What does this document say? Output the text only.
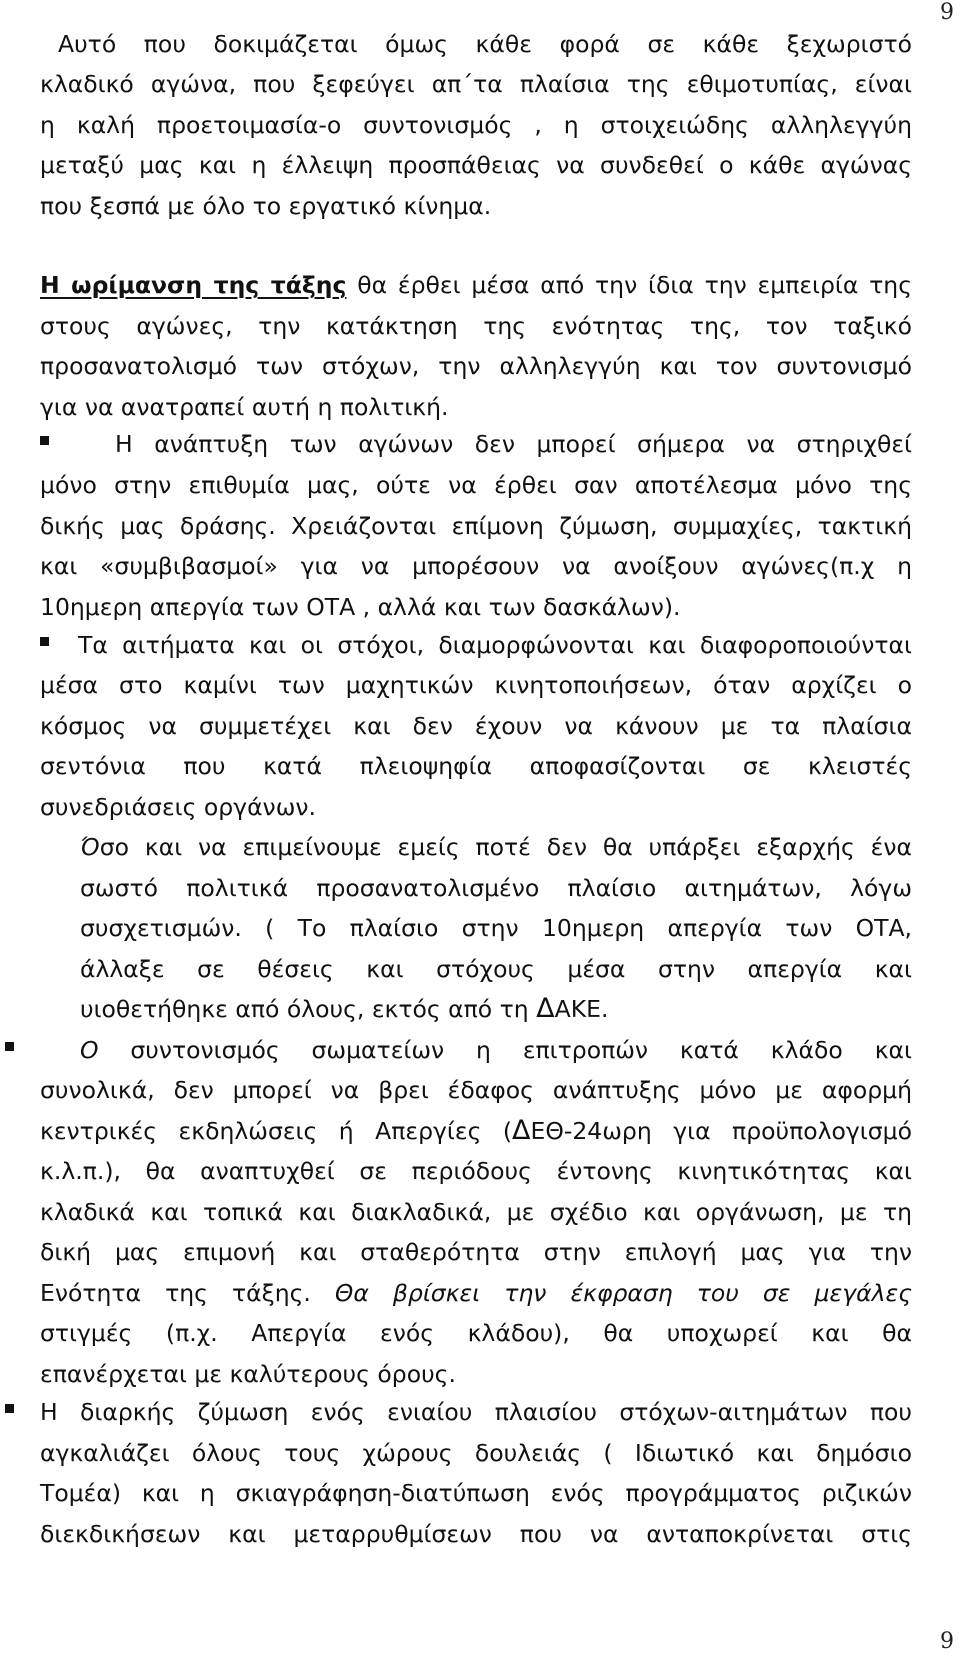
9
Αυτό που δοκιμάζεται όμως κάθε φορά σε κάθε ξεχωριστό
κλαδικό αγώνα, που ξεφεύγει απ΄τα πλαίσια της εθιμοτυπίας, είναι
η καλή προετοιμασία-ο συντονισμός , η στοιχειώδης αλληλεγγύη
μεταξύ μας και η έλλειψη προσπάθειας να συνδεθεί ο κάθε αγώνας
που ξεσπά με όλο το εργατικό κίνημα.
Η ωρίμανση της τάξης θα έρθει μέσα από την ίδια την εμπειρία της
στους αγώνες, την κατάκτηση της ενότητας της, τον ταξικό
προσανατολισμό των στόχων, την αλληλεγγύη και τον συντονισμό
για να ανατραπεί αυτή η πολιτική.
Η ανάπτυξη των αγώνων δεν μπορεί σήμερα να στηριχθεί
μόνο στην επιθυμία μας, ούτε να έρθει σαν αποτέλεσμα μόνο της
δικής μας δράσης. Χρειάζονται επίμονη ζύμωση, συμμαχίες, τακτική
και «συμβιβασμοί» για να μπορέσουν να ανοίξουν αγώνες(π.χ η
10ημερη απεργία των ΟΤΑ , αλλά και των δασκάλων).
Τα αιτήματα και οι στόχοι, διαμορφώνονται και διαφοροποιούνται
μέσα στο καμίνι των μαχητικών κινητοποιήσεων, όταν αρχίζει ο
κόσμος να συμμετέχει και δεν έχουν να κάνουν με τα πλαίσια
σεντόνια που κατά πλειοψηφία αποφασίζονται σε κλειστές
συνεδριάσεις οργάνων.
Όσο και να επιμείνουμε εμείς ποτέ δεν θα υπάρξει εξαρχής ένα
σωστό πολιτικά προσανατολισμένο πλαίσιο αιτημάτων, λόγω
συσχετισμών. ( Το πλαίσιο στην 10ημερη απεργία των ΟΤΑ,
άλλαξε σε θέσεις και στόχους μέσα στην απεργία και
υιοθετήθηκε από όλους, εκτός από τη ΔΑΚΕ.
Ο συντονισμός σωματείων η επιτροπών κατά κλάδο και
συνολικά, δεν μπορεί να βρει έδαφος ανάπτυξης μόνο με αφορμή
κεντρικές εκδηλώσεις ή Απεργίες (ΔΕΘ-24ωρη για προϋπολογισμό
κ.λ.π.), θα αναπτυχθεί σε περιόδους έντονης κινητικότητας και
κλαδικά και τοπικά και διακλαδικά, με σχέδιο και οργάνωση, με τη
δική μας επιμονή και σταθερότητα στην επιλογή μας για την
Ενότητα της τάξης. Θα βρίσκει την έκφραση του σε μεγάλες
στιγμές (π.χ. Απεργία ενός κλάδου), θα υποχωρεί και θα
επανέρχεται με καλύτερους όρους.
Η διαρκής ζύμωση ενός ενιαίου πλαισίου στόχων-αιτημάτων που
αγκαλιάζει όλους τους χώρους δουλειάς ( Ιδιωτικό και δημόσιο
Τομέα) και η σκιαγράφηση-διατύπωση ενός προγράμματος ριζικών
διεκδικήσεων και μεταρρυθμίσεων που να ανταποκρίνεται στις
9
